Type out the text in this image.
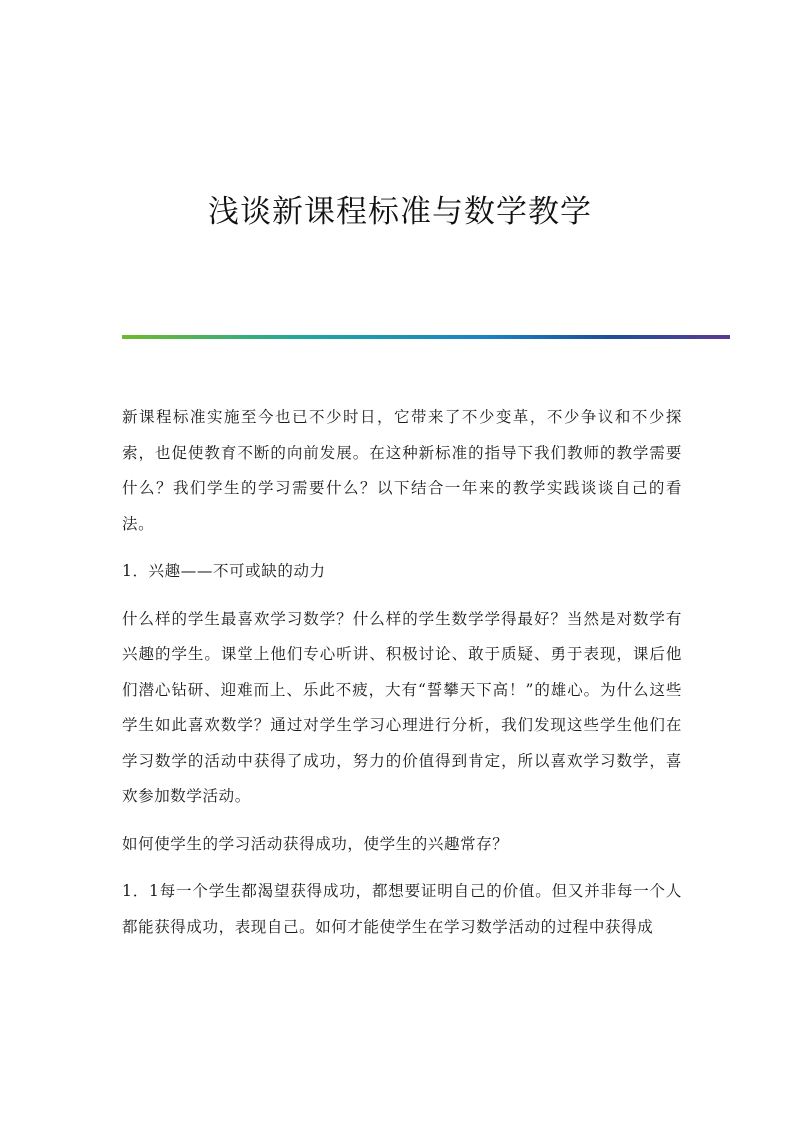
浅谈新课程标准与数学教学

新课程标准实施至今也已不少时日，它带来了不少变革，不少争议和不少探索，也促使教育不断的向前发展。在这种新标准的指导下我们教师的教学需要什么？我们学生的学习需要什么？以下结合一年来的教学实践谈谈自己的看法。

1．兴趣——不可或缺的动力

什么样的学生最喜欢学习数学？什么样的学生数学学得最好？当然是对数学有兴趣的学生。课堂上他们专心听讲、积极讨论、敢于质疑、勇于表现，课后他们潜心钻研、迎难而上、乐此不疲，大有“誓攀天下高！”的雄心。为什么这些学生如此喜欢数学？通过对学生学习心理进行分析，我们发现这些学生他们在学习数学的活动中获得了成功，努力的价值得到肯定，所以喜欢学习数学，喜欢参加数学活动。

如何使学生的学习活动获得成功，使学生的兴趣常存？

1．1每一个学生都渴望获得成功，都想要证明自己的价值。但又并非每一个人都能获得成功，表现自己。如何才能使学生在学习数学活动的过程中获得成
